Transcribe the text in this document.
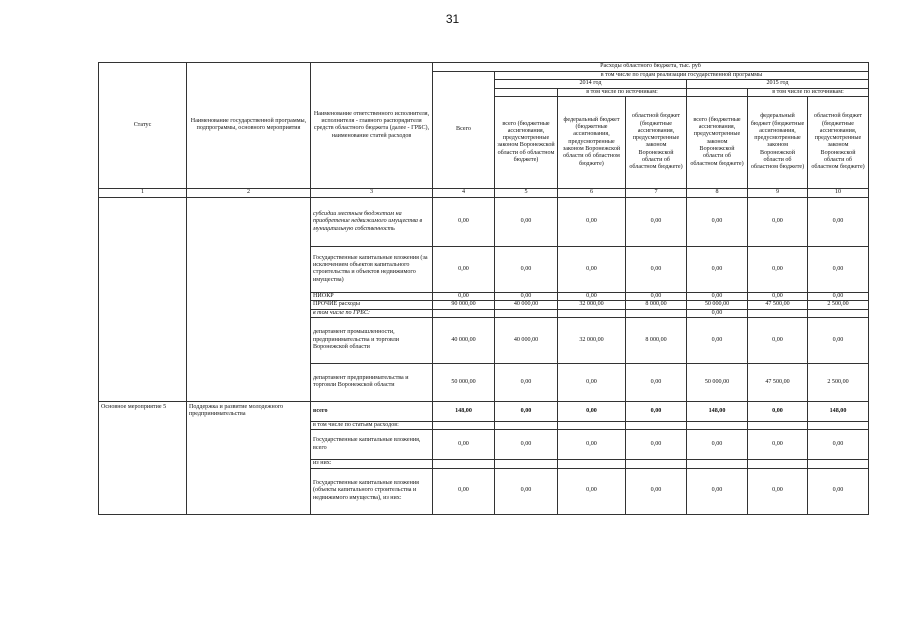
31
Статус	Наименование государственной программы, подпрограммы, основного мероприятия	Наименование ответственного исполнителя, исполнителя - главного распорядителя средств областного бюджета (далее - ГРБС), наименование статей расходов	Расходы областного бюджета, тыс. руб						
			Всего	в том числе по годам реализации государственной программы					
				2014 год			2015 год		
					в том числе по источникам:			в том числе по источникам:	
				всего (бюджетные ассигнования, предусмотренные законом Воронежской области об областном бюджете)	федеральный бюджет (бюджетные ассигнования, предусмотренные законом Воронежской области об областном бюджете)	областной бюджет (бюджетные ассигнования, предусмотренные законом Воронежской области об областном бюджете)	всего (бюджетные ассигнования, предусмотренные законом Воронежской области об областном бюджете)	федеральный бюджет (бюджетные ассигнования, предусмотренные законом Воронежской области об областном бюджете)	областной бюджет (бюджетные ассигнования, предусмотренные законом Воронежской области об областном бюджете)
1	2	3	4	5	6	7	8	9	10
		субсидии местным бюджетам на приобретение недвижимого имущества в муниципальную собственность	0,00	0,00	0,00	0,00	0,00	0,00	0,00
		Государственные капитальные вложения (за исключением объектов капитального строительства и объектов недвижимого имущества)	0,00	0,00	0,00	0,00	0,00	0,00	0,00
		НИОКР	0,00	0,00	0,00	0,00	0,00	0,00	0,00
		ПРОЧИЕ расходы	90 000,00	40 000,00	32 000,00	8 000,00	50 000,00	47 500,00	2 500,00
		в том числе по ГРБС:					0,00		
		департамент промышленности, предпринимательства и торговли Воронежской области	40 000,00	40 000,00	32 000,00	8 000,00	0,00	0,00	0,00
		департамент предпринимательства и торговли Воронежской области	50 000,00	0,00	0,00	0,00	50 000,00	47 500,00	2 500,00
Основное мероприятие 5	Поддержка и развитие молодежного предпринимательства	всего	148,00	0,00	0,00	0,00	148,00	0,00	148,00
		в том числе по статьям расходов:							
		Государственные капитальные вложения, всего	0,00	0,00	0,00	0,00	0,00	0,00	0,00
		из них:							
		Государственные капитальные вложения (объекты капитального строительства и недвижимого имущества), из них:	0,00	0,00	0,00	0,00	0,00	0,00	0,00
